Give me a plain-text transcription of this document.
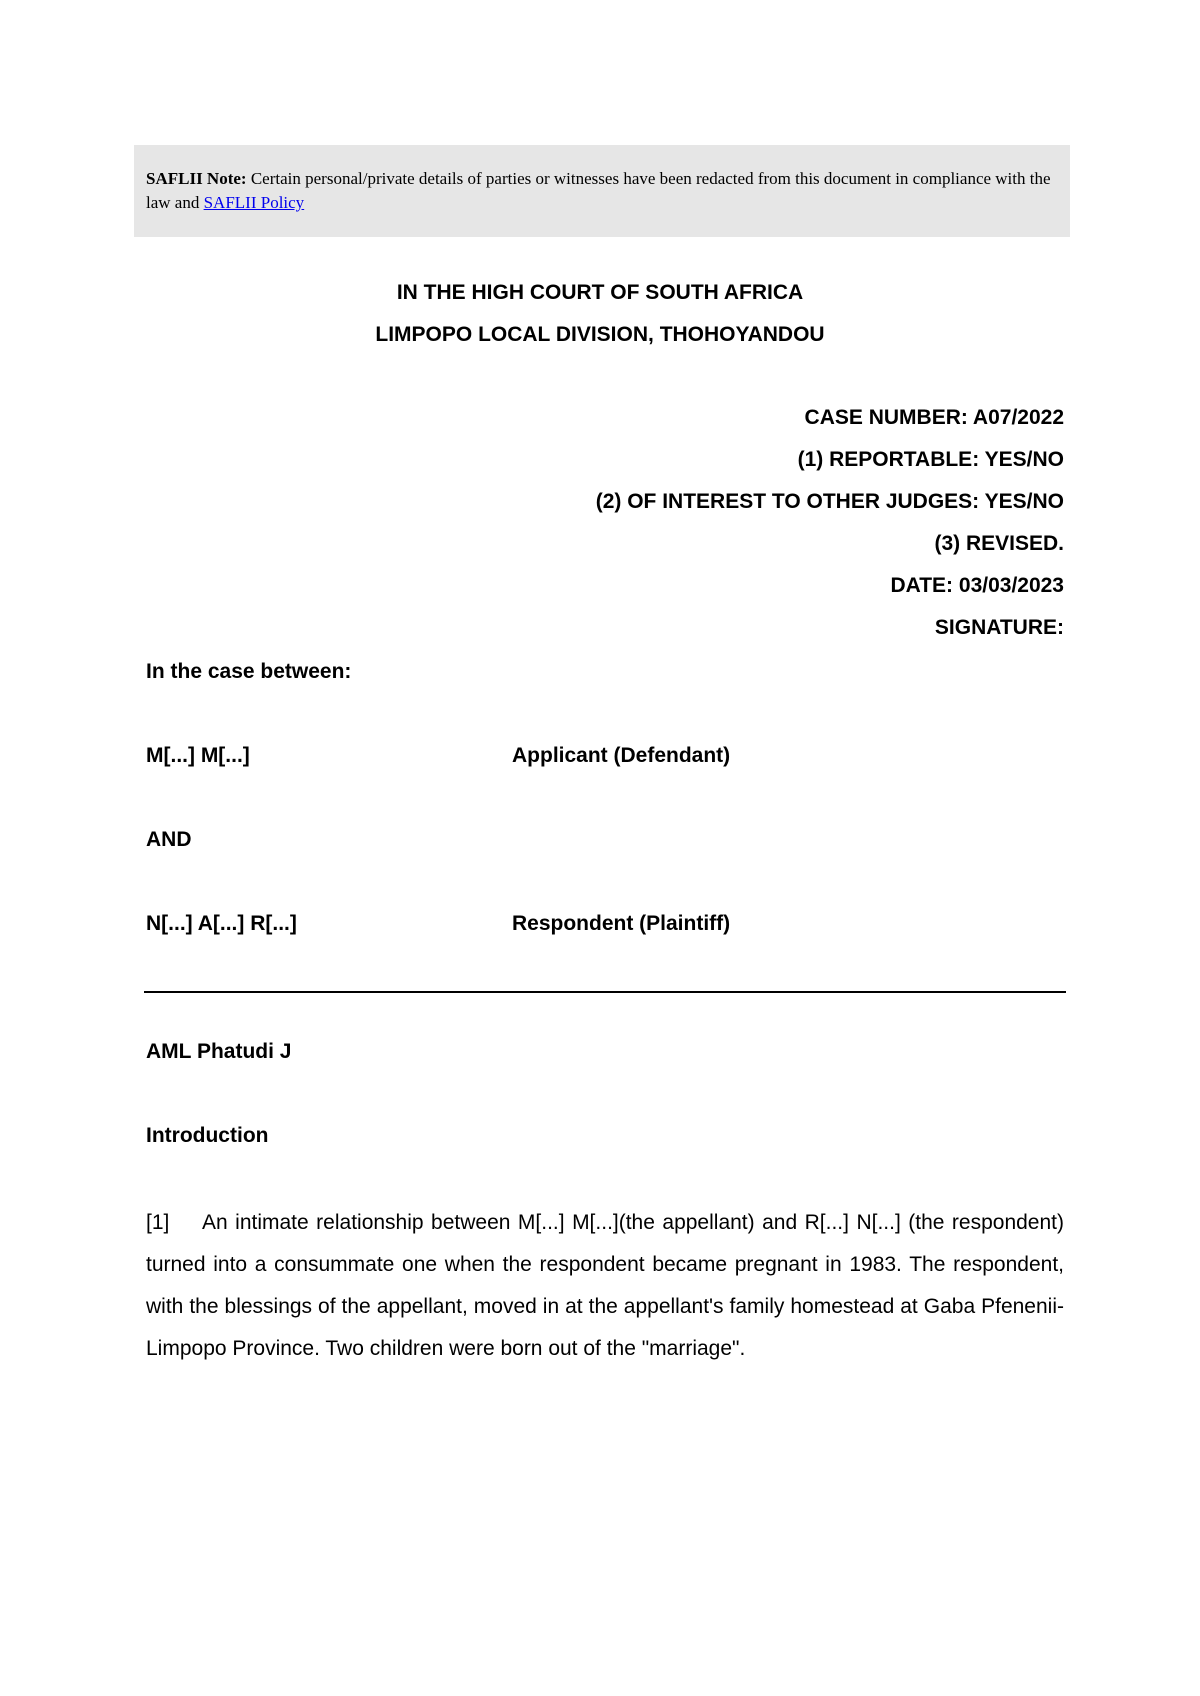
SAFLII Note: Certain personal/private details of parties or witnesses have been redacted from this document in compliance with the law and SAFLII Policy
IN THE HIGH COURT OF SOUTH AFRICA
LIMPOPO LOCAL DIVISION, THOHOYANDOU
CASE NUMBER: A07/2022
(1) REPORTABLE: YES/NO
(2) OF INTEREST TO OTHER JUDGES: YES/NO
(3) REVISED.
DATE: 03/03/2023
SIGNATURE:
In the case between:
M[...] M[...]	Applicant (Defendant)
AND
N[...] A[...] R[...]	Respondent (Plaintiff)
AML Phatudi J
Introduction
[1] An intimate relationship between M[...] M[...](the appellant) and R[...] N[...] (the respondent) turned into a consummate one when the respondent became pregnant in 1983. The respondent, with the blessings of the appellant, moved in at the appellant's family homestead at Gaba Pfenenii- Limpopo Province. Two children were born out of the "marriage".
